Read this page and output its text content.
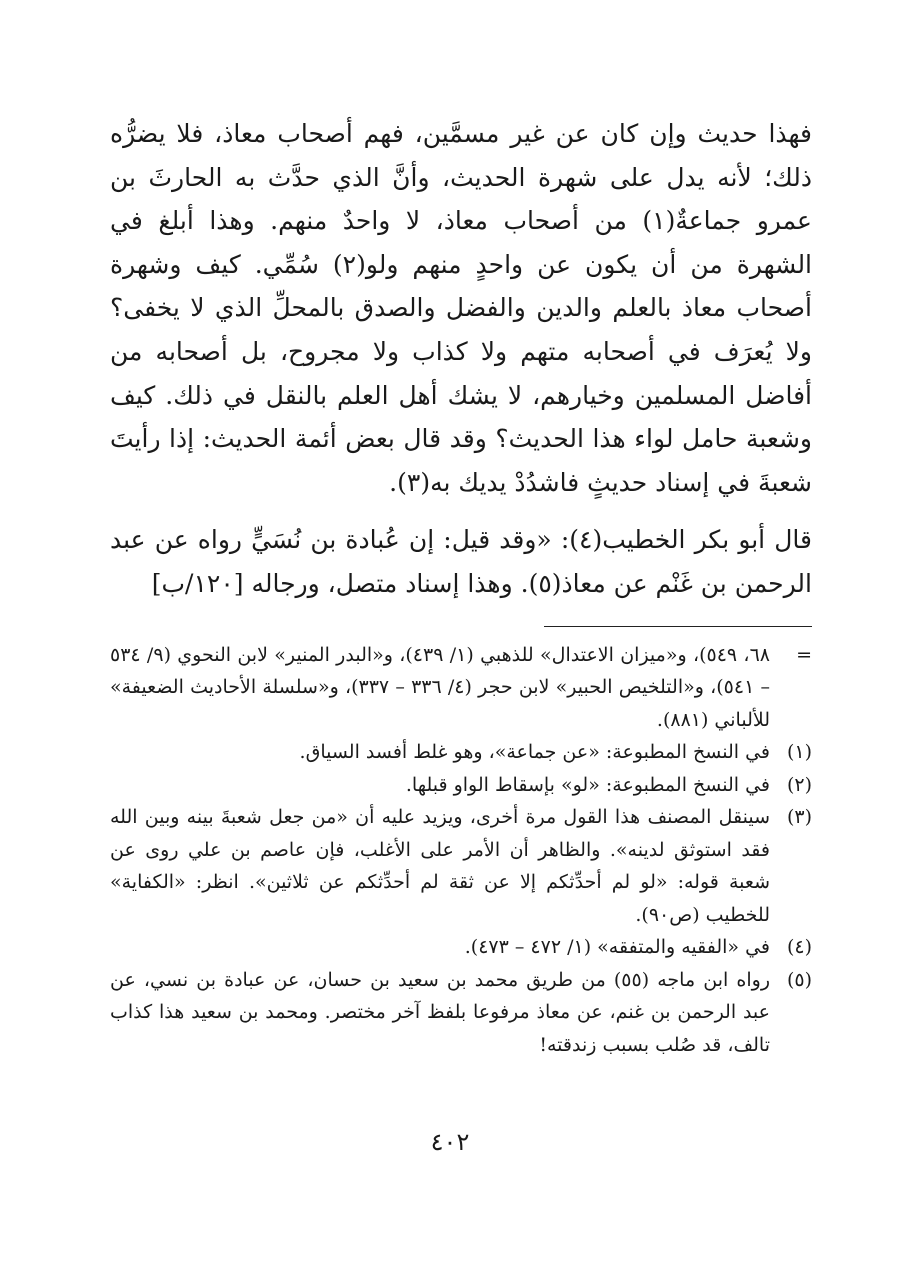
فهذا حديث وإن كان عن غير مسمَّين، فهم أصحاب معاذ، فلا يضرُّه ذلك؛ لأنه يدل على شهرة الحديث، وأنَّ الذي حدَّث به الحارثَ بن عمرو جماعةٌ(١) من أصحاب معاذ، لا واحدٌ منهم. وهذا أبلغ في الشهرة من أن يكون عن واحدٍ منهم ولو(٢) سُمِّي. كيف وشهرة أصحاب معاذ بالعلم والدين والفضل والصدق بالمحلِّ الذي لا يخفى؟ ولا يُعرَف في أصحابه متهم ولا كذاب ولا مجروح، بل أصحابه من أفاضل المسلمين وخيارهم، لا يشك أهل العلم بالنقل في ذلك. كيف وشعبة حامل لواء هذا الحديث؟ وقد قال بعض أئمة الحديث: إذا رأيتَ شعبةَ في إسناد حديثٍ فاشدُدْ يديك به(٣).

قال أبو بكر الخطيب(٤): «وقد قيل: إن عُبادة بن نُسَيٍّ رواه عن عبد الرحمن بن غَنْم عن معاذ(٥). وهذا إسناد متصل، ورجاله [١٢٠/ب]

=
٦٨، ٥٤٩)، و«ميزان الاعتدال» للذهبي (١/ ٤٣٩)، و«البدر المنير» لابن النحوي (٩/ ٥٣٤ – ٥٤١)، و«التلخيص الحبير» لابن حجر (٤/ ٣٣٦ – ٣٣٧)، و«سلسلة الأحاديث الضعيفة» للألباني (٨٨١).
(١)
في النسخ المطبوعة: «عن جماعة»، وهو غلط أفسد السياق.
(٢)
في النسخ المطبوعة: «لو» بإسقاط الواو قبلها.
(٣)
سينقل المصنف هذا القول مرة أخرى، ويزيد عليه أن «من جعل شعبةَ بينه وبين الله فقد استوثق لدينه». والظاهر أن الأمر على الأغلب، فإن عاصم بن علي روى عن شعبة قوله: «لو لم أحدِّثكم إلا عن ثقة لم أحدِّثكم عن ثلاثين». انظر: «الكفاية» للخطيب (ص٩٠).
(٤)
في «الفقيه والمتفقه» (١/ ٤٧٢ – ٤٧٣).
(٥)
رواه ابن ماجه (٥٥) من طريق محمد بن سعيد بن حسان، عن عبادة بن نسي، عن عبد الرحمن بن غنم، عن معاذ مرفوعا بلفظ آخر مختصر. ومحمد بن سعيد هذا كذاب تالف، قد صُلب بسبب زندقته!
٤٠٢
